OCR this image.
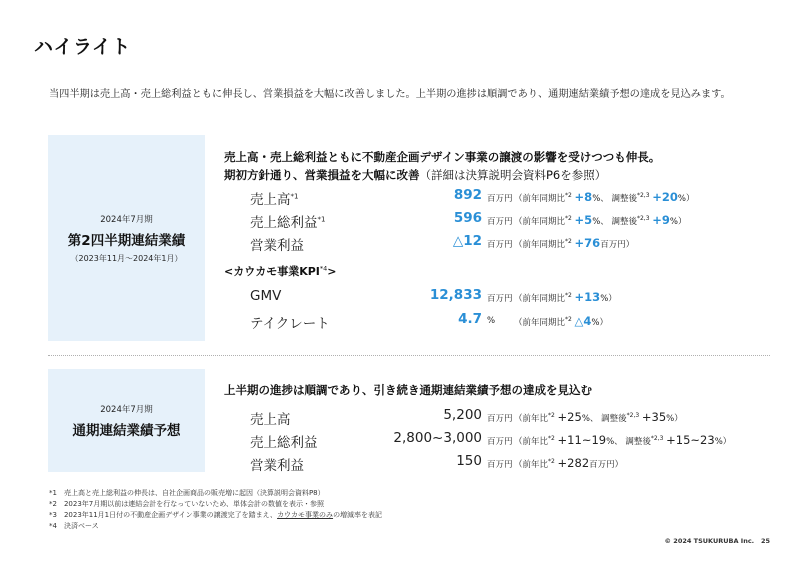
ハイライト
当四半期は売上高・売上総利益ともに伸長し、営業損益を大幅に改善しました。上半期の進捗は順調であり、通期連結業績予想の達成を見込みます。
2024年7月期
第2四半期連結業績
（2023年11月～2024年1月）
売上高・売上総利益ともに不動産企画デザイン事業の譲渡の影響を受けつつも伸長。
期初方針通り、営業損益を大幅に改善（詳細は決算説明会資料P6を参照）
売上高$^{*1}$	892 百万円 （前年同期比$^{*2}$ +8%、 調整後$^{*2,3}$ +20%）
売上総利益$^{*1}$	596 百万円 （前年同期比$^{*2}$ +5%、 調整後$^{*2,3}$ +9%）
営業利益	△12 百万円 （前年同期比$^{*2}$ +76百万円）
<カウカモ事業$KPI^{*4}>$
GMV	12,833 百万円 （前年同期比$^{*2}$ +13%）
テイクレート	4.7 % （前年同期比$^{*2}$ △4%）
2024年7月期
通期連結業績予想
上半期の進捗は順調であり、引き続き通期連結業績予想の達成を見込む
売上高	5,200 百万円 （前年比$^{*2}$ +25%、 調整後$^{*2,3}$ +35%）
売上総利益	2,800~3,000 百万円 （前年比$^{*2}$ +11~19%、 調整後$^{*2,3}$ +15~23%）
営業利益	150 百万円 （前年比$^{*2}$ +282百万円）
*1　売上高と売上総利益の伸長は、自社企画商品の販売増に起因（決算説明会資料P8）
*2　2023年7月期以前は連結会計を行なっていないため、単体会計の数値を表示・参照
*3　2023年11月1日付の不動産企画デザイン事業の譲渡完了を踏まえ、カウカモ事業のみの増減率を表記
*4　決済ベース
© 2024 TSUKURUBA Inc. 25
